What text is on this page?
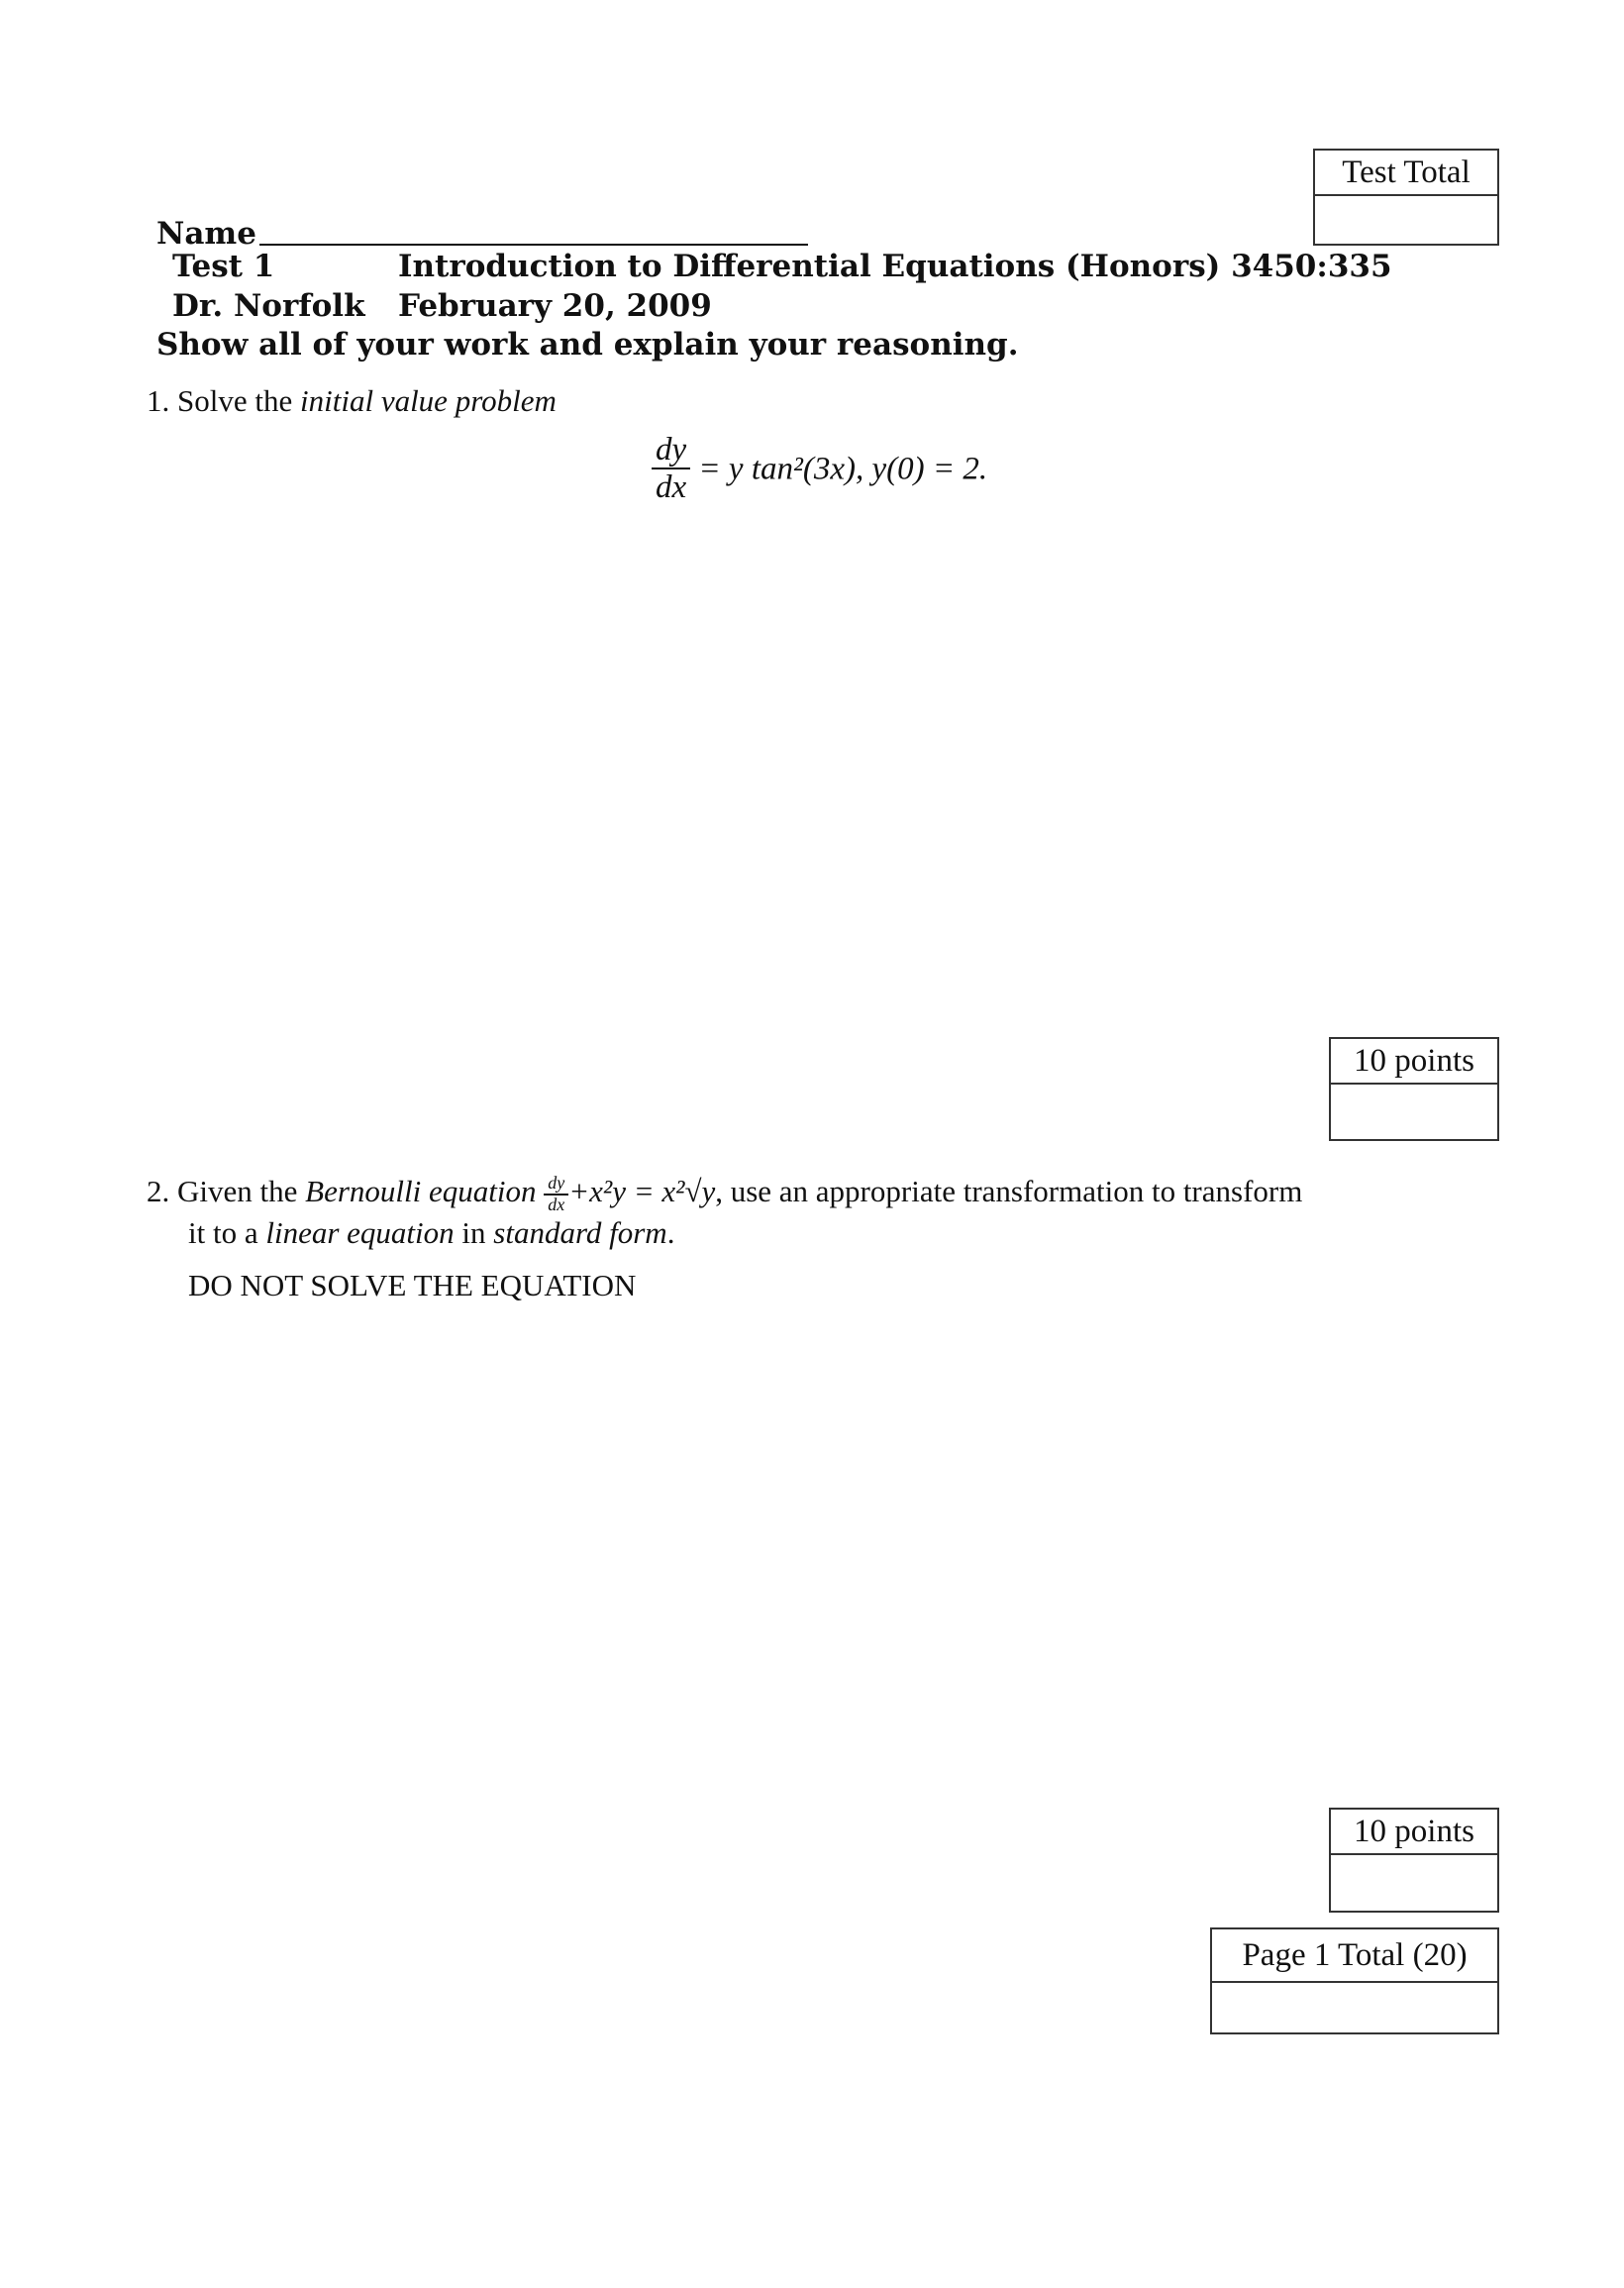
Test Total
Name
Test 1	Introduction to Differential Equations (Honors) 3450:335
Dr. Norfolk February 20, 2009
Show all of your work and explain your reasoning.
1. Solve the initial value problem
$\frac{dy}{dx} = y$ tan²(3x), y(0) = 2.
10 points
2. Given the Bernoulli equation $\frac{dy}{dx} +x^2y = x^2√y$, use an appropriate transformation to transform
it to a linear equation in standard form.
DO NOT SOLVE THE EQUATION
10 points
Page 1 Total (20)
